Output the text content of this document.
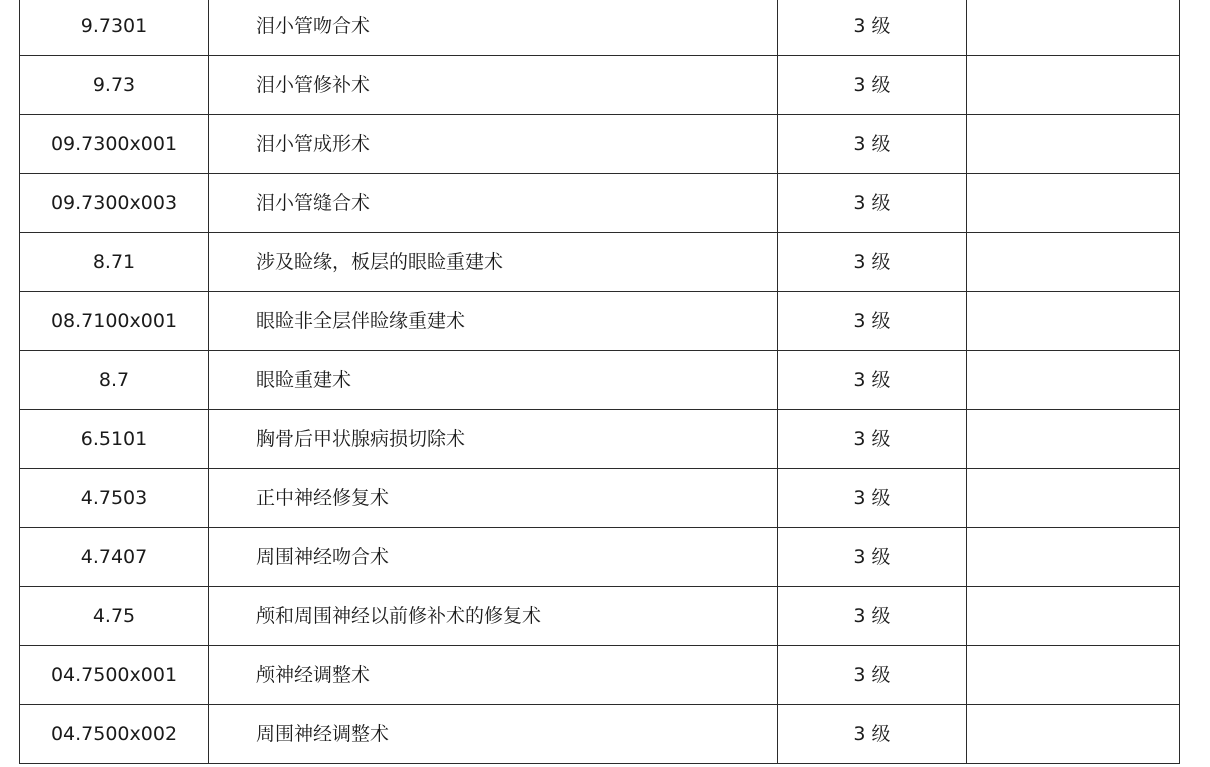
9.7301	泪小管吻合术	3 级	
9.73	泪小管修补术	3 级	
09.7300x001	泪小管成形术	3 级	
09.7300x003	泪小管缝合术	3 级	
8.71	涉及睑缘，板层的眼睑重建术	3 级	
08.7100x001	眼睑非全层伴睑缘重建术	3 级	
8.7	眼睑重建术	3 级	
6.5101	胸骨后甲状腺病损切除术	3 级	
4.7503	正中神经修复术	3 级	
4.7407	周围神经吻合术	3 级	
4.75	颅和周围神经以前修补术的修复术	3 级	
04.7500x001	颅神经调整术	3 级	
04.7500x002	周围神经调整术	3 级	
